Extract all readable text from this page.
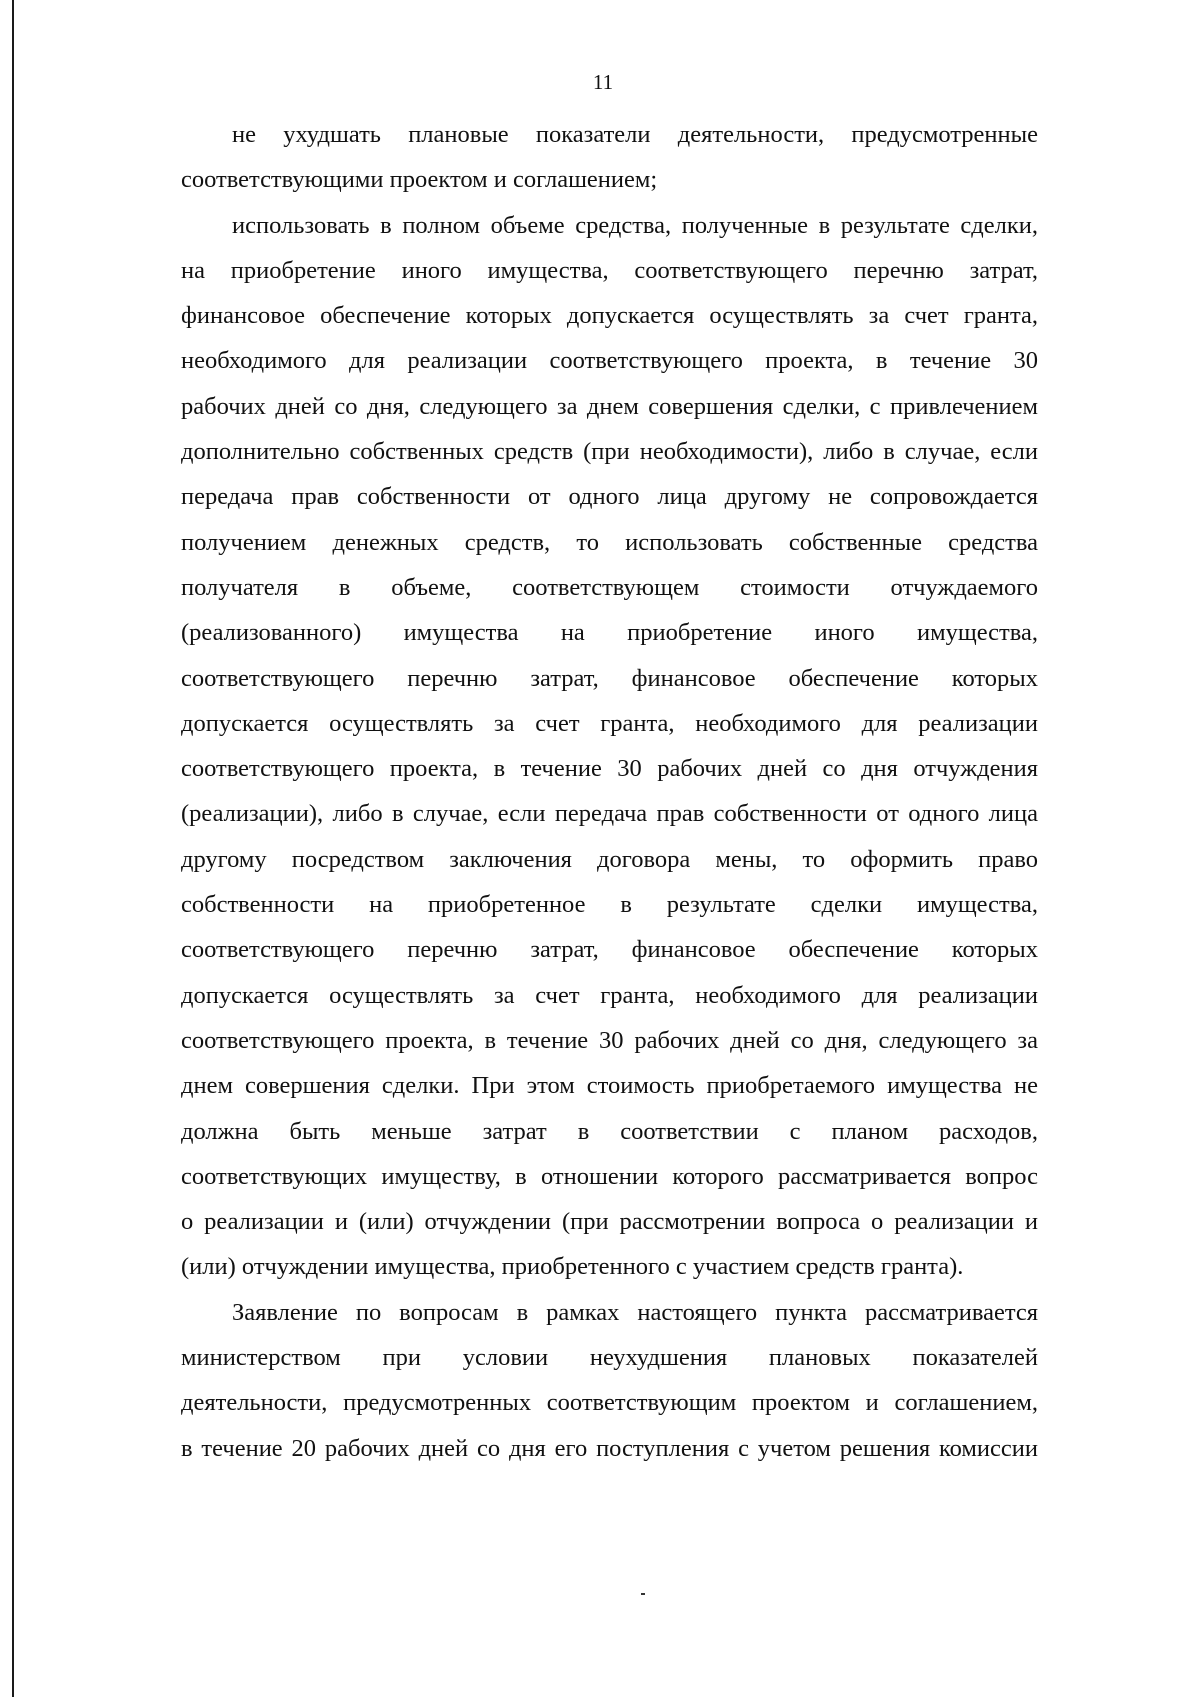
11
не ухудшать плановые показатели деятельности, предусмотренные
соответствующими проектом и соглашением;
использовать в полном объеме средства, полученные в результате сделки,
на приобретение иного имущества, соответствующего перечню затрат,
финансовое обеспечение которых допускается осуществлять за счет гранта,
необходимого для реализации соответствующего проекта, в течение 30
рабочих дней со дня, следующего за днем совершения сделки, с привлечением
дополнительно собственных средств (при необходимости), либо в случае, если
передача прав собственности от одного лица другому не сопровождается
получением денежных средств, то использовать собственные средства
получателя в объеме, соответствующем стоимости отчуждаемого
(реализованного) имущества на приобретение иного имущества,
соответствующего перечню затрат, финансовое обеспечение которых
допускается осуществлять за счет гранта, необходимого для реализации
соответствующего проекта, в течение 30 рабочих дней со дня отчуждения
(реализации), либо в случае, если передача прав собственности от одного лица
другому посредством заключения договора мены, то оформить право
собственности на приобретенное в результате сделки имущества,
соответствующего перечню затрат, финансовое обеспечение которых
допускается осуществлять за счет гранта, необходимого для реализации
соответствующего проекта, в течение 30 рабочих дней со дня, следующего за
днем совершения сделки. При этом стоимость приобретаемого имущества не
должна быть меньше затрат в соответствии с планом расходов,
соответствующих имуществу, в отношении которого рассматривается вопрос
о реализации и (или) отчуждении (при рассмотрении вопроса о реализации и
(или) отчуждении имущества, приобретенного с участием средств гранта).
Заявление по вопросам в рамках настоящего пункта рассматривается
министерством при условии неухудшения плановых показателей
деятельности, предусмотренных соответствующим проектом и соглашением,
в течение 20 рабочих дней со дня его поступления с учетом решения комиссии
